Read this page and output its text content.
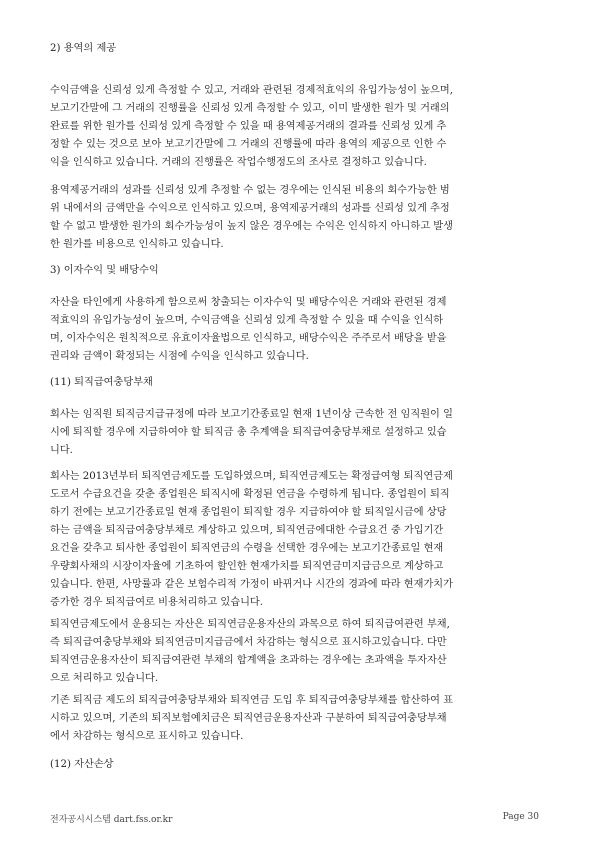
2) 용역의 제공
수익금액을 신뢰성 있게 측정할 수 있고, 거래와 관련된 경제적효익의 유입가능성이 높으며,
보고기간말에 그 거래의 진행률을 신뢰성 있게 측정할 수 있고, 이미 발생한 원가 및 거래의
완료를 위한 원가를 신뢰성 있게 측정할 수 있을 때 용역제공거래의 결과를 신뢰성 있게 추
정할 수 있는 것으로 보아 보고기간말에 그 거래의 진행률에 따라 용역의 제공으로 인한 수
익을 인식하고 있습니다. 거래의 진행률은 작업수행정도의 조사로 결정하고 있습니다.
용역제공거래의 성과를 신뢰성 있게 추정할 수 없는 경우에는 인식된 비용의 회수가능한 범
위 내에서의 금액만을 수익으로 인식하고 있으며, 용역제공거래의 성과를 신뢰성 있게 추정
할 수 없고 발생한 원가의 회수가능성이 높지 않은 경우에는 수익은 인식하지 아니하고 발생
한 원가를 비용으로 인식하고 있습니다.
3) 이자수익 및 배당수익
자산을 타인에게 사용하게 함으로써 창출되는 이자수익 및 배당수익은 거래와 관련된 경제
적효익의 유입가능성이 높으며, 수익금액을 신뢰성 있게 측정할 수 있을 때 수익을 인식하
며, 이자수익은 원칙적으로 유효이자율법으로 인식하고, 배당수익은 주주로서 배당을 받을
권리와 금액이 확정되는 시점에 수익을 인식하고 있습니다.
(11) 퇴직급여충당부채
회사는 임직원 퇴직금지급규정에 따라 보고기간종료일 현재 1년이상 근속한 전 임직원이 일
시에 퇴직할 경우에 지급하여야 할 퇴직금 총 추계액을 퇴직급여충당부채로 설정하고 있습
니다.
회사는 2013년부터 퇴직연금제도를 도입하였으며, 퇴직연금제도는 확정급여형 퇴직연금제
도로서 수급요건을 갖춘 종업원은 퇴직시에 확정된 연금을 수령하게 됩니다. 종업원이 퇴직
하기 전에는 보고기간종료일 현재 종업원이 퇴직할 경우 지급하여야 할 퇴직일시금에 상당
하는 금액을 퇴직급여충당부채로 계상하고 있으며, 퇴직연금에대한 수급요건 중 가입기간
요건을 갖추고 퇴사한 종업원이 퇴직연금의 수령을 선택한 경우에는 보고기간종료일 현재
우량회사채의 시장이자율에 기초하여 할인한 현재가치를 퇴직연금미지급금으로 계상하고
있습니다. 한편, 사망률과 같은 보험수리적 가정이 바뀌거나 시간의 경과에 따라 현재가치가
증가한 경우 퇴직급여로 비용처리하고 있습니다.
퇴직연금제도에서 운용되는 자산은 퇴직연금운용자산의 과목으로 하여 퇴직급여관련 부채,
즉 퇴직급여충당부채와 퇴직연금미지급금에서 차감하는 형식으로 표시하고있습니다. 다만
퇴직연금운용자산이 퇴직급여관련 부채의 합계액을 초과하는 경우에는 초과액을 투자자산
으로 처리하고 있습니다.
기존 퇴직금 제도의 퇴직급여충당부채와 퇴직연금 도입 후 퇴직급여충당부채를 합산하여 표
시하고 있으며, 기존의 퇴직보험예치금은 퇴직연금운용자산과 구분하여 퇴직급여충당부채
에서 차감하는 형식으로 표시하고 있습니다.
(12) 자산손상
전자공시시스템 dart.fss.or.kr	Page 30
